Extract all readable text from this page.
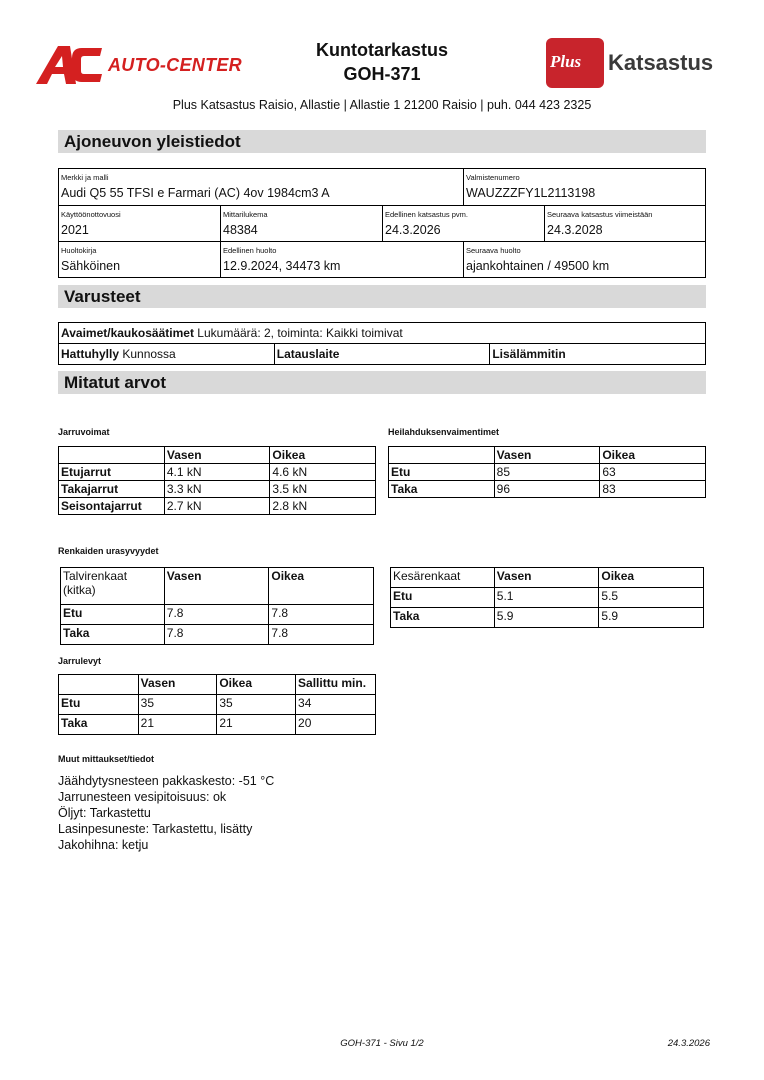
AUTO-CENTER
Kuntotarkastus
GOH-371
Plus Katsastus
Plus Katsastus Raisio, Allastie | Allastie 1 21200 Raisio | puh. 044 423 2325
Ajoneuvon yleistiedot
Merkki ja malli
Audi Q5 55 TFSI e Farmari (AC) 4ov 1984cm3 A
Valmistenumero
WAUZZZFY1L2113198
Käyttöönottovuosi
2021
Mittarilukema
48384
Edellinen katsastus pvm.
24.3.2026
Seuraava katsastus viimeistään
24.3.2028
Huoltokirja
Sähköinen
Edellinen huolto
12.9.2024, 34473 km
Seuraava huolto
ajankohtainen / 49500 km
Varusteet
Avaimet/kaukosäätimet Lukumäärä: 2, toiminta: Kaikki toimivat
Hattuhylly Kunnossa	Latauslaite	Lisälämmitin
Mitatut arvot
Jarruvoimat
	Vasen	Oikea
Etujarrut	4.1 kN	4.6 kN
Takajarrut	3.3 kN	3.5 kN
Seisontajarrut	2.7 kN	2.8 kN
Heilahduksenvaimentimet
	Vasen	Oikea
Etu	85	63
Taka	96	83
Renkaiden urasyvyydet
Talvirenkaat
(kitka)	Vasen	Oikea
Etu	7.8	7.8
Taka	7.8	7.8
Kesärenkaat	Vasen	Oikea
Etu	5.1	5.5
Taka	5.9	5.9
Jarrulevyt
	Vasen	Oikea	Sallittu min.
Etu	35	35	34
Taka	21	21	20
Muut mittaukset/tiedot
Jäähdytysnesteen pakkaskesto: -51 °C
Jarrunesteen vesipitoisuus: ok
Öljyt: Tarkastettu
Lasinpesuneste: Tarkastettu, lisätty
Jakohihna: ketju
GOH-371 - Sivu 1/2	24.3.2026
